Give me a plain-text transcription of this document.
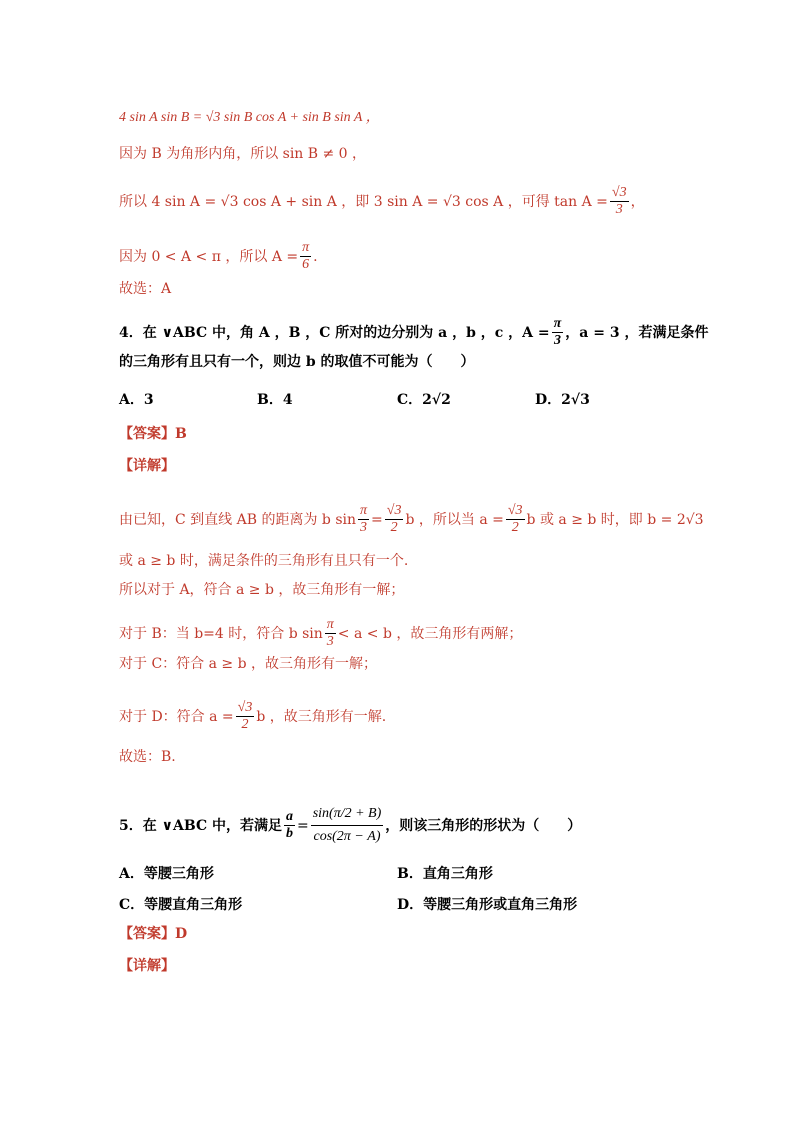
4 sin A sin B = √3 sin B cos A + sin B sin A ，
因为 B 为角形内角，所以 sin B ≠ 0 ，
所以 4 sin A = √3 cos A + sin A ，即 3 sin A = √3 cos A ，可得 $\tan A = \frac{√3}{3}$ ，
因为 0 < A < π ，所以 $A = \frac{\pi}{6}$ .
故选：A
4．在 ∨ABC 中，角 A ，B ，C 所对的边分别为 a ，b ，c ，$A = \frac{\pi}{3}$ ，a = 3 ，若满足条件
的三角形有且只有一个，则边 b 的取值不可能为（　　）
A．3	B．4	C．2√2	D．2√3
【答案】B
【详解】
由已知，C 到直线 AB 的距离为 b $\sin \frac{\pi}{3} = \frac{√3}{2}$ b ，所以当 $a = \frac{√3}{2}$ b 或 a ≥ b 时，即 b = 2√3
或 a ≥ b 时，满足条件的三角形有且只有一个.
所以对于 A，符合 a ≥ b ，故三角形有一解；
对于 B：当 b=4 时，符合 b $\sin \frac{\pi}{3} < a < b$ ，故三角形有两解；
对于 C：符合 a ≥ b ，故三角形有一解；
对于 D：符合 $a = \frac{√3}{2}$ b ，故三角形有一解.
故选：B.
5．在 ∨ABC 中，若满足 $\frac{a}{b} = \frac{\sin(\pi/2 + B)}{\cos(2\pi - A)}$ ，则该三角形的形状为（　　）
A．等腰三角形	B．直角三角形
C．等腰直角三角形	D．等腰三角形或直角三角形
【答案】D
【详解】
